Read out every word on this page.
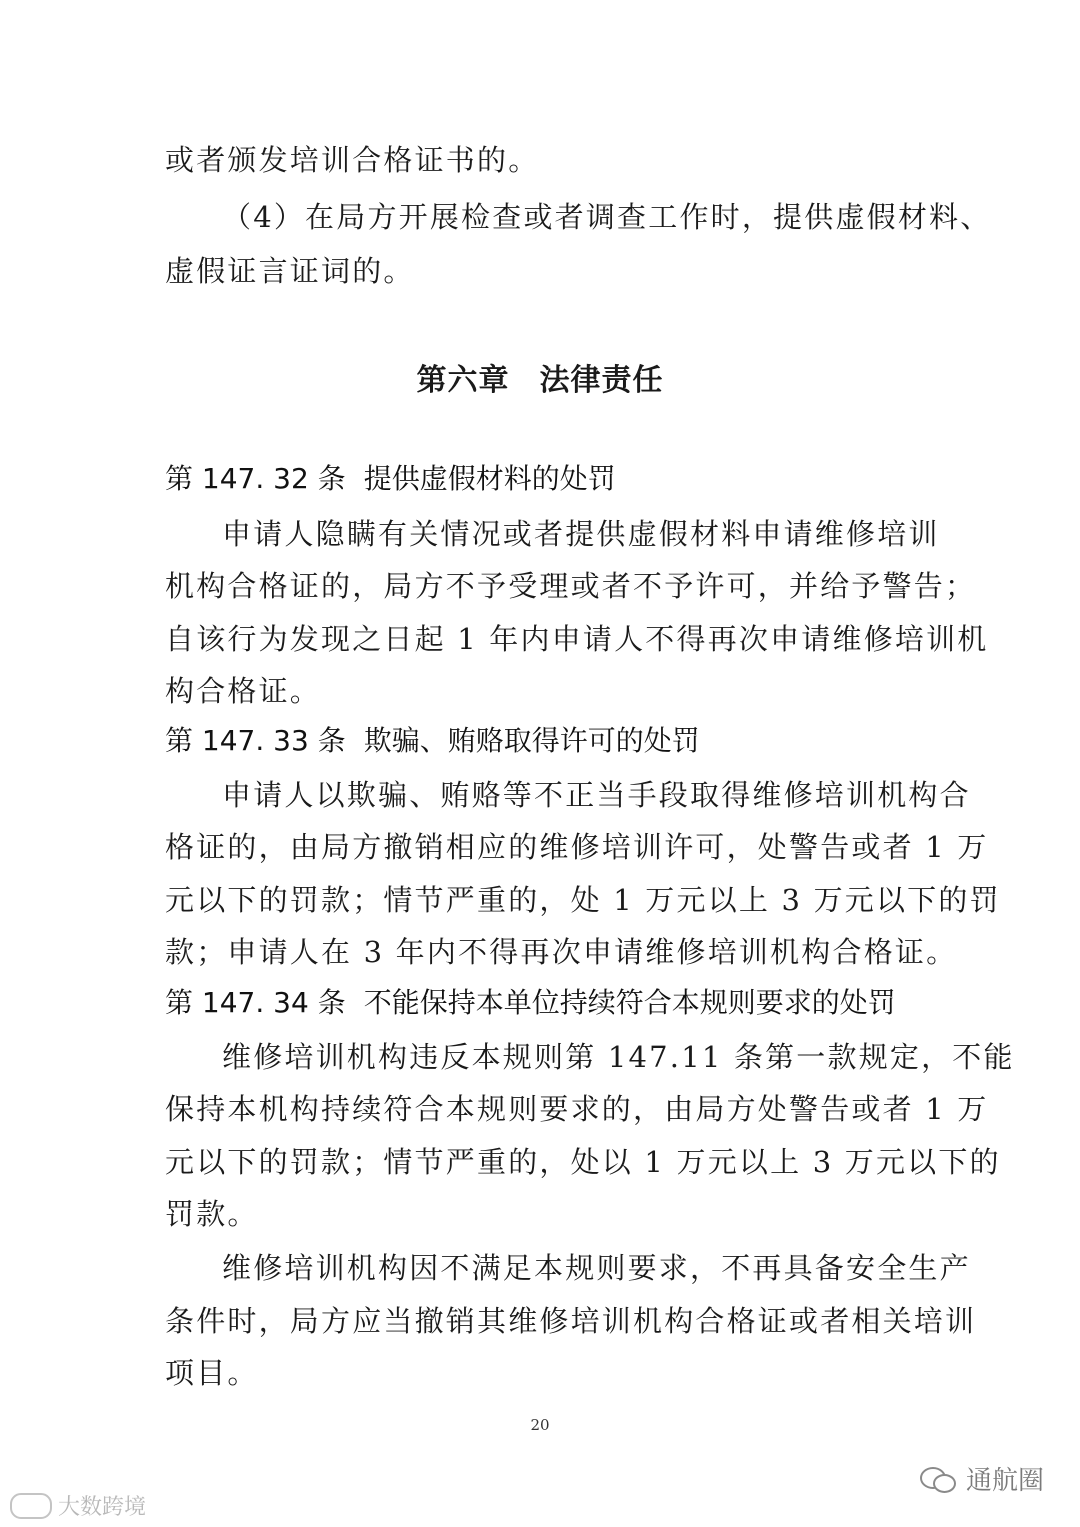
或者颁发培训合格证书的。
（4）在局方开展检查或者调查工作时，提供虚假材料、
虚假证言证词的。
第六章 法律责任
第 147. 32 条 提供虚假材料的处罚
申请人隐瞒有关情况或者提供虚假材料申请维修培训
机构合格证的，局方不予受理或者不予许可，并给予警告；
自该行为发现之日起 1 年内申请人不得再次申请维修培训机
构合格证。
第 147. 33 条 欺骗、贿赂取得许可的处罚
申请人以欺骗、贿赂等不正当手段取得维修培训机构合
格证的，由局方撤销相应的维修培训许可，处警告或者 1 万
元以下的罚款；情节严重的，处 1 万元以上 3 万元以下的罚
款；申请人在 3 年内不得再次申请维修培训机构合格证。
第 147. 34 条 不能保持本单位持续符合本规则要求的处罚
维修培训机构违反本规则第 147.11 条第一款规定，不能
保持本机构持续符合本规则要求的，由局方处警告或者 1 万
元以下的罚款；情节严重的，处以 1 万元以上 3 万元以下的
罚款。
维修培训机构因不满足本规则要求，不再具备安全生产
条件时，局方应当撤销其维修培训机构合格证或者相关培训
项目。
20
大数跨境
通航圈
